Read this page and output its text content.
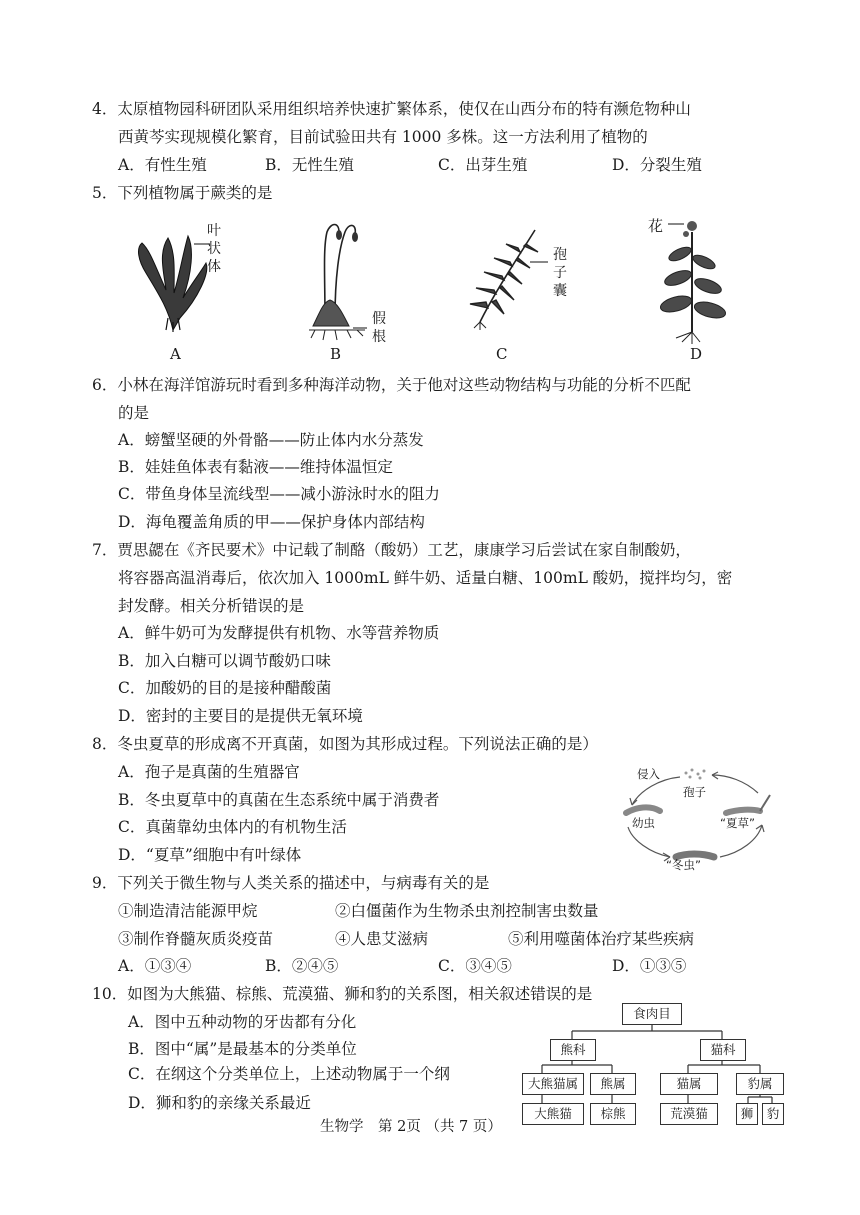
4．太原植物园科研团队采用组织培养快速扩繁体系，使仅在山西分布的特有濒危物种山
西黄芩实现规模化繁育，目前试验田共有 1000 多株。这一方法利用了植物的
A．有性生殖	B．无性生殖	C．出芽生殖	D．分裂生殖
5．下列植物属于蕨类的是
叶状体
A
假根
B
孢子囊
C
花
D
6．小林在海洋馆游玩时看到多种海洋动物，关于他对这些动物结构与功能的分析不匹配
的是
A．螃蟹坚硬的外骨骼——防止体内水分蒸发
B．娃娃鱼体表有黏液——维持体温恒定
C．带鱼身体呈流线型——减小游泳时水的阻力
D．海龟覆盖角质的甲——保护身体内部结构
7．贾思勰在《齐民要术》中记载了制酪（酸奶）工艺，康康学习后尝试在家自制酸奶，
将容器高温消毒后，依次加入 1000mL 鲜牛奶、适量白糖、100mL 酸奶，搅拌均匀，密
封发酵。相关分析错误的是
A．鲜牛奶可为发酵提供有机物、水等营养物质
B．加入白糖可以调节酸奶口味
C．加酸奶的目的是接种醋酸菌
D．密封的主要目的是提供无氧环境
8．冬虫夏草的形成离不开真菌，如图为其形成过程。下列说法正确的是）
A．孢子是真菌的生殖器官
B．冬虫夏草中的真菌在生态系统中属于消费者
C．真菌靠幼虫体内的有机物生活
D．“夏草”细胞中有叶绿体
侵入
孢子
幼虫	“夏草”
“冬虫”
9．下列关于微生物与人类关系的描述中，与病毒有关的是
①制造清洁能源甲烷	②白僵菌作为生物杀虫剂控制害虫数量
③制作脊髓灰质炎疫苗	④人患艾滋病	⑤利用噬菌体治疗某些疾病
A．①③④	B．②④⑤	C．③④⑤	D．①③⑤
10．如图为大熊猫、棕熊、荒漠猫、狮和豹的关系图，相关叙述错误的是
A．图中五种动物的牙齿都有分化
B．图中“属”是最基本的分类单位
C．在纲这个分类单位上，上述动物属于一个纲
D．狮和豹的亲缘关系最近
食肉目
熊科	猫科
大熊猫属	熊属	猫属	豹属
大熊猫	棕熊	荒漠猫	狮	豹
生物学　第 2页 （共 7 页）
